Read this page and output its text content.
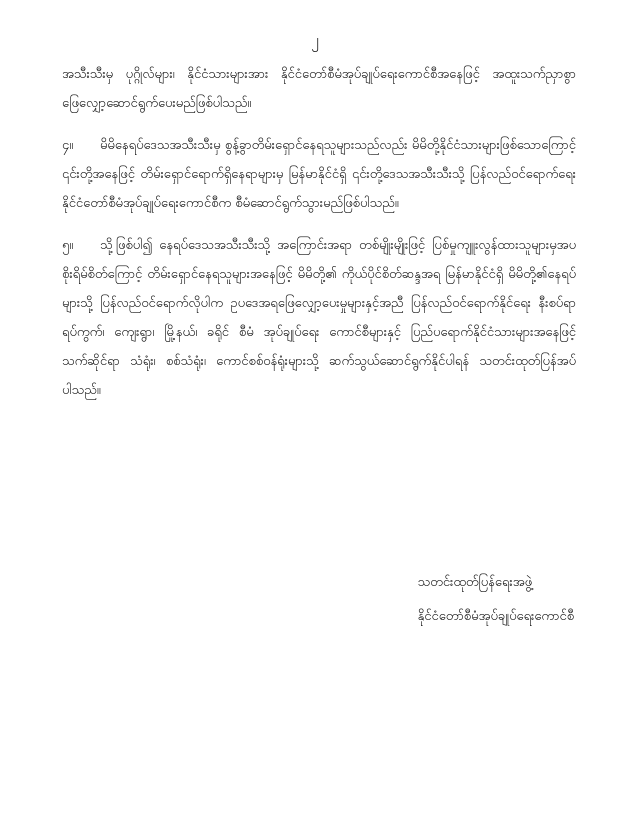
၂

အသီးသီးမှ ပုဂ္ဂိုလ်များ၊ နိုင်ငံသားများအား နိုင်ငံတော်စီမံအုပ်ချုပ်ရေးကောင်စီအနေဖြင့် အထူးသက်ညှာစွာ ဖြေလျှော့ဆောင်ရွက်ပေးမည်ဖြစ်ပါသည်။

၄။ မိမိနေရပ်ဒေသအသီးသီးမှ စွန့်ခွာတိမ်းရှောင်နေရသူများသည်လည်း မိမိတို့နိုင်ငံသားများဖြစ်သောကြောင့် ၎င်းတို့အနေဖြင့် တိမ်းရှောင်ရောက်ရှိနေရာများမှ မြန်မာနိုင်ငံရှိ ၎င်းတို့ဒေသအသီးသီးသို့ ပြန်လည်ဝင်ရောက်ရေး နိုင်ငံတော်စီမံအုပ်ချုပ်ရေးကောင်စီက စီမံဆောင်ရွက်သွားမည်ဖြစ်ပါသည်။

၅။ သို့ဖြစ်ပါ၍ နေရပ်ဒေသအသီးသီးသို့ အကြောင်းအရာ တစ်မျိုးမျိုးဖြင့် ပြစ်မှုကျူးလွန်ထားသူများမှအပ စိုးရိမ်စိတ်ကြောင့် တိမ်းရှောင်နေရသူများအနေဖြင့် မိမိတို့၏ ကိုယ်ပိုင်စိတ်ဆန္ဒအရ မြန်မာနိုင်ငံရှိ မိမိတို့၏နေရပ်များသို့ ပြန်လည်ဝင်ရောက်လိုပါက ဥပဒေအရဖြေလျှော့ပေးမှုများနှင့်အညီ ပြန်လည်ဝင်ရောက်နိုင်ရေး နီးစပ်ရာ ရပ်ကွက်၊ ကျေးရွာ၊ မြို့နယ်၊ ခရိုင် စီမံ အုပ်ချုပ်ရေး ကောင်စီများနှင့် ပြည်ပရောက်နိုင်ငံသားများအနေဖြင့် သက်ဆိုင်ရာ သံရုံး၊ စစ်သံရုံး၊ ကောင်စစ်ဝန်ရုံးများသို့ ဆက်သွယ်ဆောင်ရွက်နိုင်ပါရန် သတင်းထုတ်ပြန်အပ်ပါသည်။

သတင်းထုတ်ပြန်ရေးအဖွဲ့
နိုင်ငံတော်စီမံအုပ်ချုပ်ရေးကောင်စီ
